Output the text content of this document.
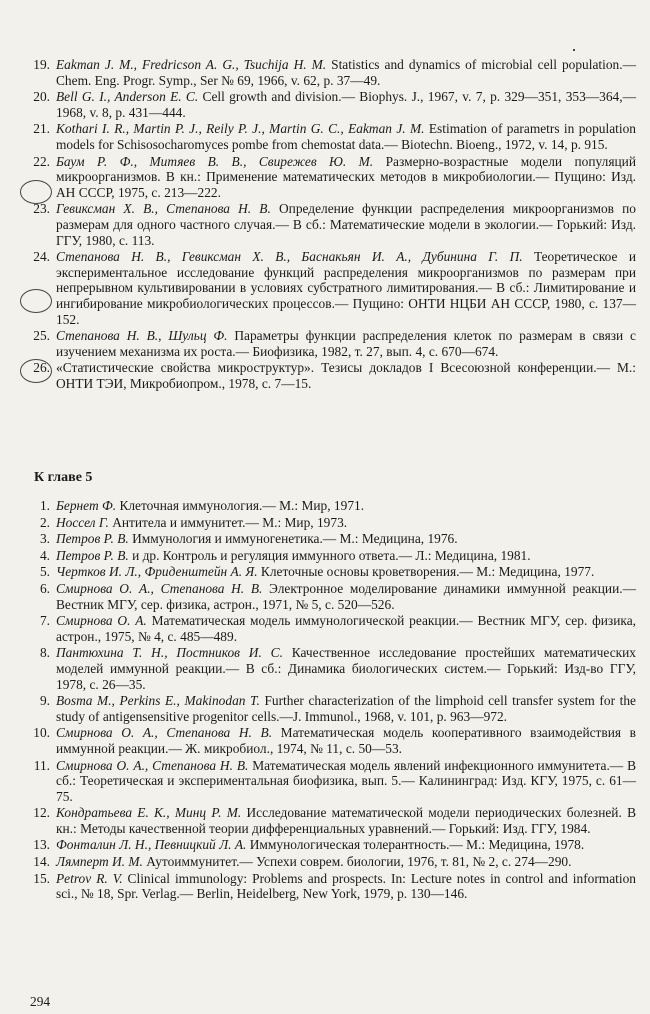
19. Eakman J. M., Fredricson A. G., Tsuchija H. M. Statistics and dynamics of microbial cell population.— Chem. Eng. Progr. Symp., Ser № 69, 1966, v. 62, p. 37—49.
20. Bell G. I., Anderson E. C. Cell growth and division.— Biophys. J., 1967, v. 7, p. 329—351, 353—364,— 1968, v. 8, p. 431—444.
21. Kothari I. R., Martin P. J., Reily P. J., Martin G. C., Eakman J. M. Estimation of parametrs in population models for Schisosocharomyces pombe from chemostat data.— Biotechn. Bioeng., 1972, v. 14, p. 915.
22. Баум Р. Ф., Митяев В. В., Свирежев Ю. М. Размерно-возрастные модели популяций микроорганизмов. В кн.: Применение математических методов в микробиологии.— Пущино: Изд. АН СССР, 1975, с. 213—222.
23. Гевиксман Х. В., Степанова Н. В. Определение функции распределения микроорганизмов по размерам для одного частного случая.— В сб.: Математические модели в экологии.— Горький: Изд. ГГУ, 1980, с. 113.
24. Степанова Н. В., Гевиксман Х. В., Баснакьян И. А., Дубинина Г. П. Теоретическое и экспериментальное исследование функций распределения микроорганизмов по размерам при непрерывном культивировании в условиях субстратного лимитирования.— В сб.: Лимитирование и ингибирование микробиологических процессов.— Пущино: ОНТИ НЦБИ АН СССР, 1980, с. 137—152.
25. Степанова Н. В., Шульц Ф. Параметры функции распределения клеток по размерам в связи с изучением механизма их роста.— Биофизика, 1982, т. 27, вып. 4, с. 670—674.
26. «Статистические свойства микроструктур». Тезисы докладов I Всесоюзной конференции.— М.: ОНТИ ТЭИ, Микробиопром., 1978, с. 7—15.
К главе 5
1. Бернет Ф. Клеточная иммунология.— М.: Мир, 1971.
2. Носсел Г. Антитела и иммунитет.— М.: Мир, 1973.
3. Петров Р. В. Иммунология и иммуногенетика.— М.: Медицина, 1976.
4. Петров Р. В. и др. Контроль и регуляция иммунного ответа.— Л.: Медицина, 1981.
5. Чертков И. Л., Фриденштейн А. Я. Клеточные основы кроветворения.— М.: Медицина, 1977.
6. Смирнова О. А., Степанова Н. В. Электронное моделирование динамики иммунной реакции.— Вестник МГУ, сер. физика, астрон., 1971, № 5, с. 520—526.
7. Смирнова О. А. Математическая модель иммунологической реакции.— Вестник МГУ, сер. физика, астрон., 1975, № 4, с. 485—489.
8. Пантюхина Т. Н., Постников И. С. Качественное исследование простейших математических моделей иммунной реакции.— В сб.: Динамика биологических систем.— Горький: Изд-во ГГУ, 1978, с. 26—35.
9. Bosma M., Perkins E., Makinodan T. Further characterization of the limphoid cell transfer system for the study of antigensensitive progenitor cells.—J. Immunol., 1968, v. 101, p. 963—972.
10. Смирнова О. А., Степанова Н. В. Математическая модель кооперативного взаимодействия в иммунной реакции.— Ж. микробиол., 1974, № 11, с. 50—53.
11. Смирнова О. А., Степанова Н. В. Математическая модель явлений инфекционного иммунитета.— В сб.: Теоретическая и экспериментальная биофизика, вып. 5.— Калининград: Изд. КГУ, 1975, с. 61—75.
12. Кондратьева Е. К., Минц Р. М. Исследование математической модели периодических болезней. В кн.: Методы качественной теории дифференциальных уравнений.— Горький: Изд. ГГУ, 1984.
13. Фонталин Л. Н., Певницкий Л. А. Иммунологическая толерантность.— М.: Медицина, 1978.
14. Лямперт И. М. Аутоиммунитет.— Успехи соврем. биологии, 1976, т. 81, № 2, с. 274—290.
15. Petrov R. V. Clinical immunology: Problems and prospects. In: Lecture notes in control and information sci., № 18, Spr. Verlag.— Berlin, Heidelberg, New York, 1979, p. 130—146.
294
